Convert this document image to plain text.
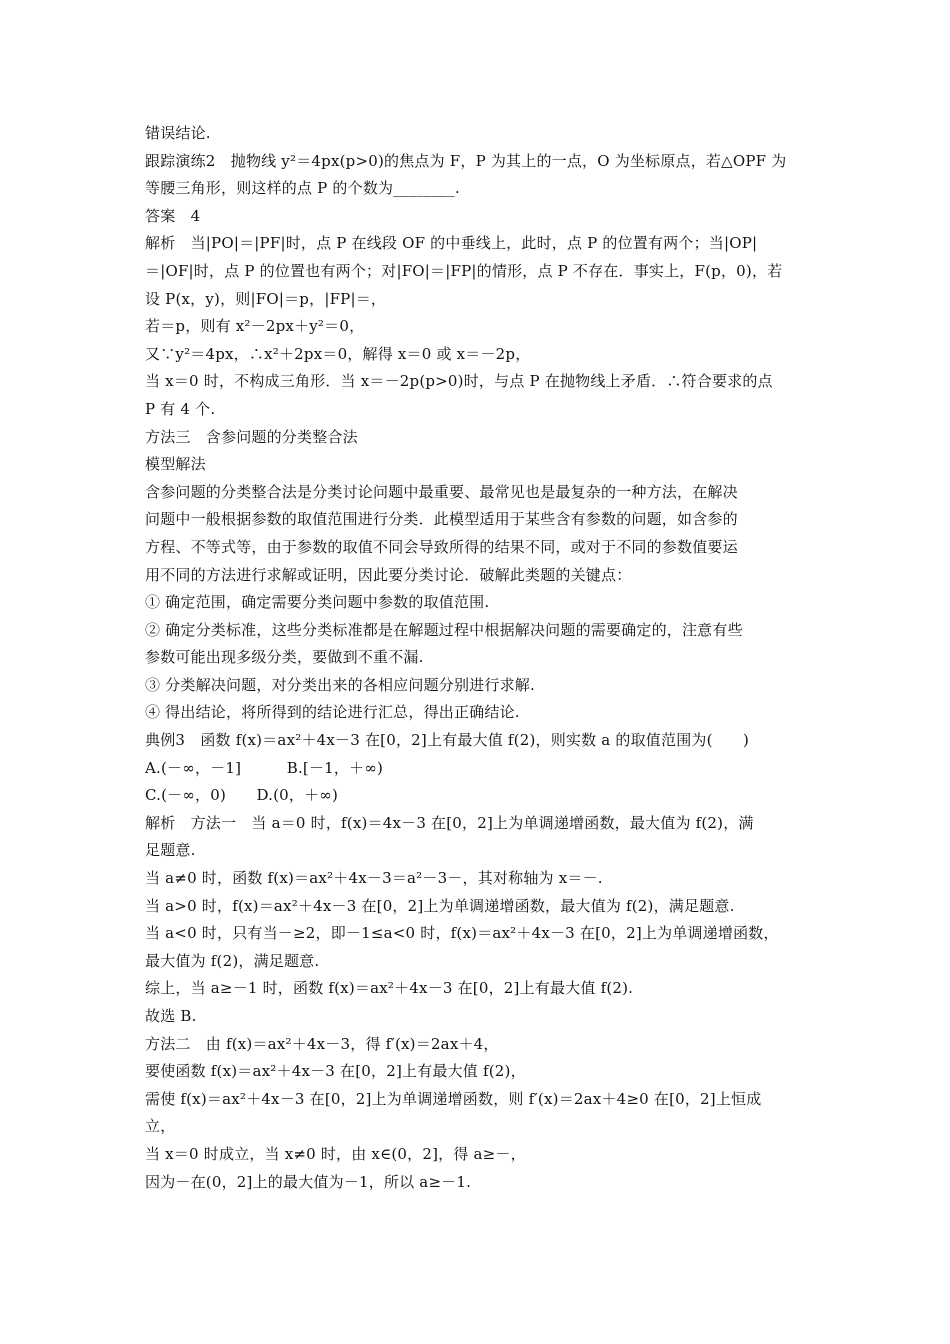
错误结论.
跟踪演练2　抛物线 y²＝4px(p>0)的焦点为 F，P 为其上的一点，O 为坐标原点，若△OPF 为
等腰三角形，则这样的点 P 的个数为________.
答案　4
解析　当|PO|＝|PF|时，点 P 在线段 OF 的中垂线上，此时，点 P 的位置有两个；当|OP|
＝|OF|时，点 P 的位置也有两个；对|FO|＝|FP|的情形，点 P 不存在．事实上，F(p，0)，若
设 P(x，y)，则|FO|＝p，|FP|＝，
若＝p，则有 x²－2px＋y²＝0，
又∵y²＝4px，∴x²＋2px＝0，解得 x＝0 或 x＝－2p，
当 x＝0 时，不构成三角形．当 x＝－2p(p>0)时，与点 P 在抛物线上矛盾．∴符合要求的点
P 有 4 个.
方法三　含参问题的分类整合法
模型解法
含参问题的分类整合法是分类讨论问题中最重要、最常见也是最复杂的一种方法，在解决
问题中一般根据参数的取值范围进行分类．此模型适用于某些含有参数的问题，如含参的
方程、不等式等，由于参数的取值不同会导致所得的结果不同，或对于不同的参数值要运
用不同的方法进行求解或证明，因此要分类讨论．破解此类题的关键点：
① 确定范围，确定需要分类问题中参数的取值范围.
② 确定分类标准，这些分类标准都是在解题过程中根据解决问题的需要确定的，注意有些
参数可能出现多级分类，要做到不重不漏.
③ 分类解决问题，对分类出来的各相应问题分别进行求解.
④ 得出结论，将所得到的结论进行汇总，得出正确结论.
典例3　函数 f(x)＝ax²＋4x－3 在[0，2]上有最大值 f(2)，则实数 a 的取值范围为(　　)
A.(－∞，－1]　　　B.[－1，＋∞)
C.(－∞，0)　　D.(0，＋∞)
解析　方法一　当 a＝0 时，f(x)＝4x－3 在[0，2]上为单调递增函数，最大值为 f(2)，满
足题意.
当 a≠0 时，函数 f(x)＝ax²＋4x－3＝a²－3－，其对称轴为 x＝－.
当 a>0 时，f(x)＝ax²＋4x－3 在[0，2]上为单调递增函数，最大值为 f(2)，满足题意.
当 a<0 时，只有当－≥2，即－1≤a<0 时，f(x)＝ax²＋4x－3 在[0，2]上为单调递增函数，
最大值为 f(2)，满足题意.
综上，当 a≥－1 时，函数 f(x)＝ax²＋4x－3 在[0，2]上有最大值 f(2).
故选 B.
方法二　由 f(x)＝ax²＋4x－3，得 f′(x)＝2ax＋4，
要使函数 f(x)＝ax²＋4x－3 在[0，2]上有最大值 f(2)，
需使 f(x)＝ax²＋4x－3 在[0，2]上为单调递增函数，则 f′(x)＝2ax＋4≥0 在[0，2]上恒成
立，
当 x＝0 时成立，当 x≠0 时，由 x∈(0，2]，得 a≥－，
因为－在(0，2]上的最大值为－1，所以 a≥－1.
